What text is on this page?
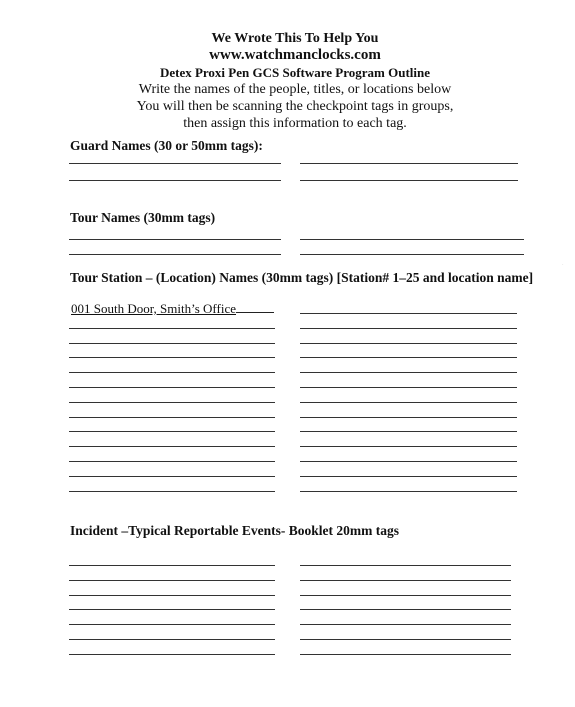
We Wrote This To Help You
www.watchmanclocks.com
Detex Proxi Pen GCS Software Program Outline
Write the names of the people, titles, or locations below
You will then be scanning the checkpoint tags in groups,
then assign this information to each tag.
Guard Names (30 or 50mm tags):
Tour Names (30mm tags)
Tour Station – (Location) Names (30mm tags) [Station# 1–25 and location name]
001 South Door, Smith’s Office
Incident –Typical Reportable Events- Booklet 20mm tags
·
